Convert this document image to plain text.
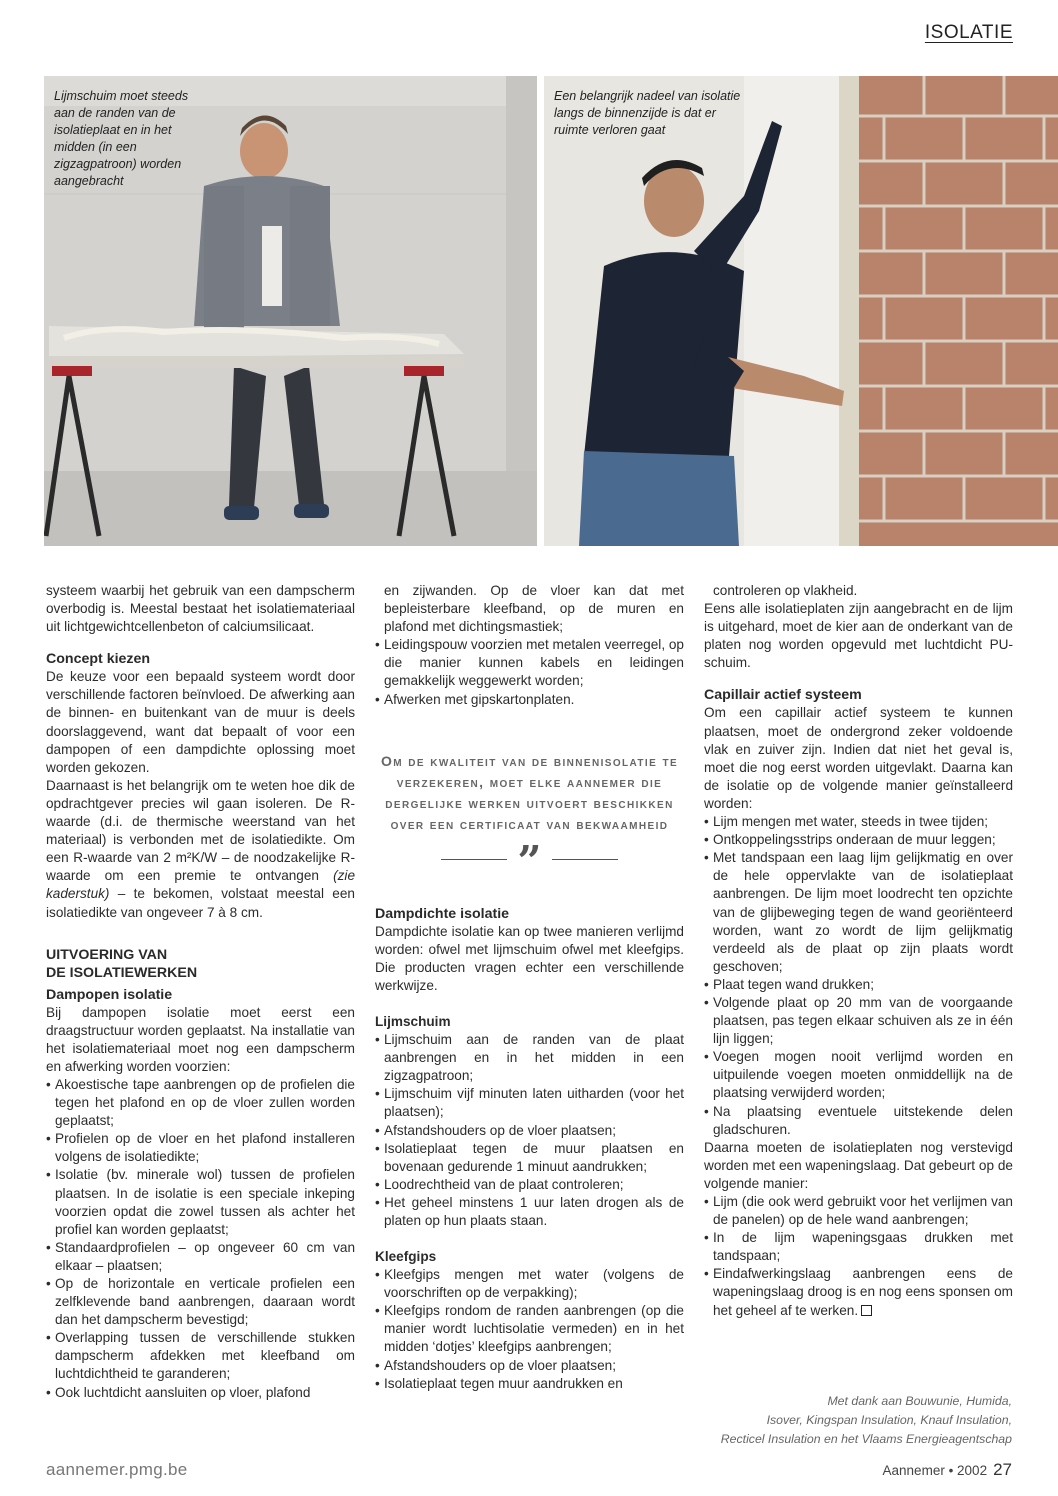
ISOLATIE
Lijmschuim moet steeds aan de randen van de isolatieplaat en in het midden (in een zigzagpatroon) worden aangebracht
Een belangrijk nadeel van isolatie langs de binnenzijde is dat er ruimte verloren gaat

systeem waarbij het gebruik van een dampscherm overbodig is. Meestal bestaat het isolatiemateriaal uit lichtgewichtcellenbeton of calciumsilicaat.

Concept kiezen

De keuze voor een bepaald systeem wordt door verschillende factoren beïnvloed. De afwerking aan de binnen- en buitenkant van de muur is deels doorslaggevend, want dat bepaalt of voor een dampopen of een dampdichte oplossing moet worden gekozen.

Daarnaast is het belangrijk om te weten hoe dik de opdrachtgever precies wil gaan isoleren. De R-waarde (d.i. de thermische weerstand van het materiaal) is verbonden met de isolatiedikte. Om een R-waarde van 2 m²K/W – de noodzakelijke R-waarde om een premie te ontvangen (zie kaderstuk) – te bekomen, volstaat meestal een isolatiedikte van ongeveer 7 à 8 cm.

UITVOERING VAN
DE ISOLATIEWERKEN
Dampopen isolatie

Bij dampopen isolatie moet eerst een draagstructuur worden geplaatst. Na installatie van het isolatiemateriaal moet nog een dampscherm en afwerking worden voorzien:

• Akoestische tape aanbrengen op de profielen die tegen het plafond en op de vloer zullen worden geplaatst;
• Profielen op de vloer en het plafond installeren volgens de isolatiedikte;
• Isolatie (bv. minerale wol) tussen de profielen plaatsen. In de isolatie is een speciale inkeping voorzien opdat die zowel tussen als achter het profiel kan worden geplaatst;
• Standaardprofielen – op ongeveer 60 cm van elkaar – plaatsen;
• Op de horizontale en verticale profielen een zelfklevende band aanbrengen, daaraan wordt dan het dampscherm bevestigd;
• Overlapping tussen de verschillende stukken dampscherm afdekken met kleefband om luchtdichtheid te garanderen;
• Ook luchtdicht aansluiten op vloer, plafond

en zijwanden. Op de vloer kan dat met bepleisterbare kleefband, op de muren en plafond met dichtingsmastiek;

• Leidingspouw voorzien met metalen veerregel, op die manier kunnen kabels en leidingen gemakkelijk weggewerkt worden;
• Afwerken met gipskartonplaten.
Om de kwaliteit van de binnenisolatie te verzekeren, moet elke aannemer die dergelijke werken uitvoert beschikken over een certificaat van bekwaamheid
”
Dampdichte isolatie

Dampdichte isolatie kan op twee manieren verlijmd worden: ofwel met lijmschuim ofwel met kleefgips. Die producten vragen echter een verschillende werkwijze.

Lijmschuim
• Lijmschuim aan de randen van de plaat aanbrengen en in het midden in een zigzagpatroon;
• Lijmschuim vijf minuten laten uitharden (voor het plaatsen);
• Afstandshouders op de vloer plaatsen;
• Isolatieplaat tegen de muur plaatsen en bovenaan gedurende 1 minuut aandrukken;
• Loodrechtheid van de plaat controleren;
• Het geheel minstens 1 uur laten drogen als de platen op hun plaats staan.
Kleefgips
• Kleefgips mengen met water (volgens de voorschriften op de verpakking);
• Kleefgips rondom de randen aanbrengen (op die manier wordt luchtisolatie vermeden) en in het midden ‘dotjes’ kleefgips aanbrengen;
• Afstandshouders op de vloer plaatsen;
• Isolatieplaat tegen muur aandrukken en

controleren op vlakheid.

Eens alle isolatieplaten zijn aangebracht en de lijm is uitgehard, moet de kier aan de onderkant van de platen nog worden opgevuld met luchtdicht PU-schuim.

Capillair actief systeem

Om een capillair actief systeem te kunnen plaatsen, moet de ondergrond zeker voldoende vlak en zuiver zijn. Indien dat niet het geval is, moet die nog eerst worden uitgevlakt. Daarna kan de isolatie op de volgende manier geïnstalleerd worden:

• Lijm mengen met water, steeds in twee tijden;
• Ontkoppelingsstrips onderaan de muur leggen;
• Met tandspaan een laag lijm gelijkmatig en over de hele oppervlakte van de isolatieplaat aanbrengen. De lijm moet loodrecht ten opzichte van de glijbeweging tegen de wand georiënteerd worden, want zo wordt de lijm gelijkmatig verdeeld als de plaat op zijn plaats wordt geschoven;
• Plaat tegen wand drukken;
• Volgende plaat op 20 mm van de voorgaande plaatsen, pas tegen elkaar schuiven als ze in één lijn liggen;
• Voegen mogen nooit verlijmd worden en uitpuilende voegen moeten onmiddellijk na de plaatsing verwijderd worden;
• Na plaatsing eventuele uitstekende delen gladschuren.

Daarna moeten de isolatieplaten nog verstevigd worden met een wapeningslaag. Dat gebeurt op de volgende manier:

• Lijm (die ook werd gebruikt voor het verlijmen van de panelen) op de hele wand aanbrengen;
• In de lijm wapeningsgaas drukken met tandspaan;
• Eindafwerkingslaag aanbrengen eens de wapeningslaag droog is en nog eens sponsen om het geheel af te werken.
Met dank aan Bouwunie, Humida,
Isover, Kingspan Insulation, Knauf Insulation,
Recticel Insulation en het Vlaams Energieagentschap
aannemer.pmg.be	Aannemer • 2002 27
